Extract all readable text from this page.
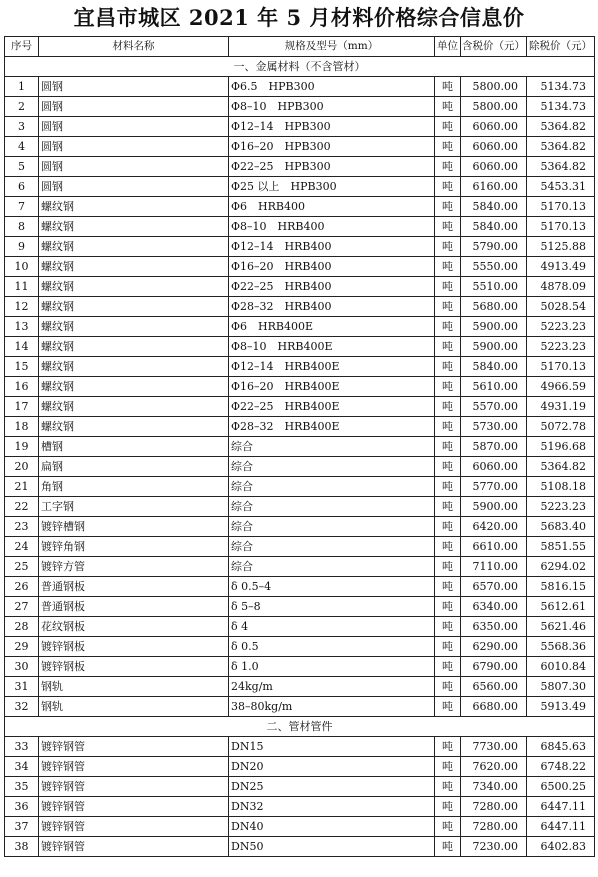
宜昌市城区 2021 年 5 月材料价格综合信息价
序号	材料名称	规格及型号（mm）	单位	含税价（元）	除税价（元）
一、金属材料（不含管材）					
1	圆钢	Φ6.5　HPB300	吨	5800.00	5134.73
2	圆钢	Φ8–10　HPB300	吨	5800.00	5134.73
3	圆钢	Φ12–14　HPB300	吨	6060.00	5364.82
4	圆钢	Φ16–20　HPB300	吨	6060.00	5364.82
5	圆钢	Φ22–25　HPB300	吨	6060.00	5364.82
6	圆钢	Φ25 以上　HPB300	吨	6160.00	5453.31
7	螺纹钢	Φ6　HRB400	吨	5840.00	5170.13
8	螺纹钢	Φ8–10　HRB400	吨	5840.00	5170.13
9	螺纹钢	Φ12–14　HRB400	吨	5790.00	5125.88
10	螺纹钢	Φ16–20　HRB400	吨	5550.00	4913.49
11	螺纹钢	Φ22–25　HRB400	吨	5510.00	4878.09
12	螺纹钢	Φ28–32　HRB400	吨	5680.00	5028.54
13	螺纹钢	Φ6　HRB400E	吨	5900.00	5223.23
14	螺纹钢	Φ8–10　HRB400E	吨	5900.00	5223.23
15	螺纹钢	Φ12–14　HRB400E	吨	5840.00	5170.13
16	螺纹钢	Φ16–20　HRB400E	吨	5610.00	4966.59
17	螺纹钢	Φ22–25　HRB400E	吨	5570.00	4931.19
18	螺纹钢	Φ28–32　HRB400E	吨	5730.00	5072.78
19	槽钢	综合	吨	5870.00	5196.68
20	扁钢	综合	吨	6060.00	5364.82
21	角钢	综合	吨	5770.00	5108.18
22	工字钢	综合	吨	5900.00	5223.23
23	镀锌槽钢	综合	吨	6420.00	5683.40
24	镀锌角钢	综合	吨	6610.00	5851.55
25	镀锌方管	综合	吨	7110.00	6294.02
26	普通钢板	δ 0.5–4	吨	6570.00	5816.15
27	普通钢板	δ 5–8	吨	6340.00	5612.61
28	花纹钢板	δ 4	吨	6350.00	5621.46
29	镀锌钢板	δ 0.5	吨	6290.00	5568.36
30	镀锌钢板	δ 1.0	吨	6790.00	6010.84
31	钢轨	24kg/m	吨	6560.00	5807.30
32	钢轨	38–80kg/m	吨	6680.00	5913.49
二、管材管件					
33	镀锌钢管	DN15	吨	7730.00	6845.63
34	镀锌钢管	DN20	吨	7620.00	6748.22
35	镀锌钢管	DN25	吨	7340.00	6500.25
36	镀锌钢管	DN32	吨	7280.00	6447.11
37	镀锌钢管	DN40	吨	7280.00	6447.11
38	镀锌钢管	DN50	吨	7230.00	6402.83
